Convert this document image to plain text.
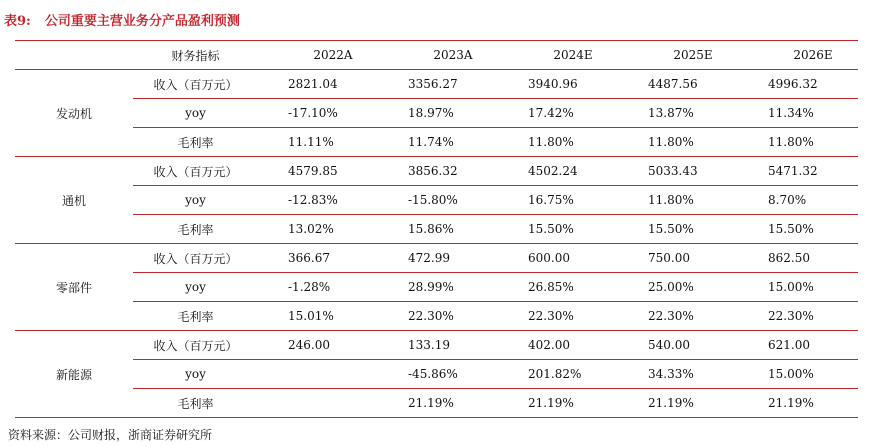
表9: 公司重要主营业务分产品盈利预测
	财务指标	2022A	2023A	2024E	2025E	2026E
发动机	收入（百万元）	2821.04	3356.27	3940.96	4487.56	4996.32
	yoy	-17.10%	18.97%	17.42%	13.87%	11.34%
	毛利率	11.11%	11.74%	11.80%	11.80%	11.80%
通机	收入（百万元）	4579.85	3856.32	4502.24	5033.43	5471.32
	yoy	-12.83%	-15.80%	16.75%	11.80%	8.70%
	毛利率	13.02%	15.86%	15.50%	15.50%	15.50%
零部件	收入（百万元）	366.67	472.99	600.00	750.00	862.50
	yoy	-1.28%	28.99%	26.85%	25.00%	15.00%
	毛利率	15.01%	22.30%	22.30%	22.30%	22.30%
新能源	收入（百万元）	246.00	133.19	402.00	540.00	621.00
	yoy		-45.86%	201.82%	34.33%	15.00%
	毛利率		21.19%	21.19%	21.19%	21.19%
资料来源：公司财报，浙商证券研究所
